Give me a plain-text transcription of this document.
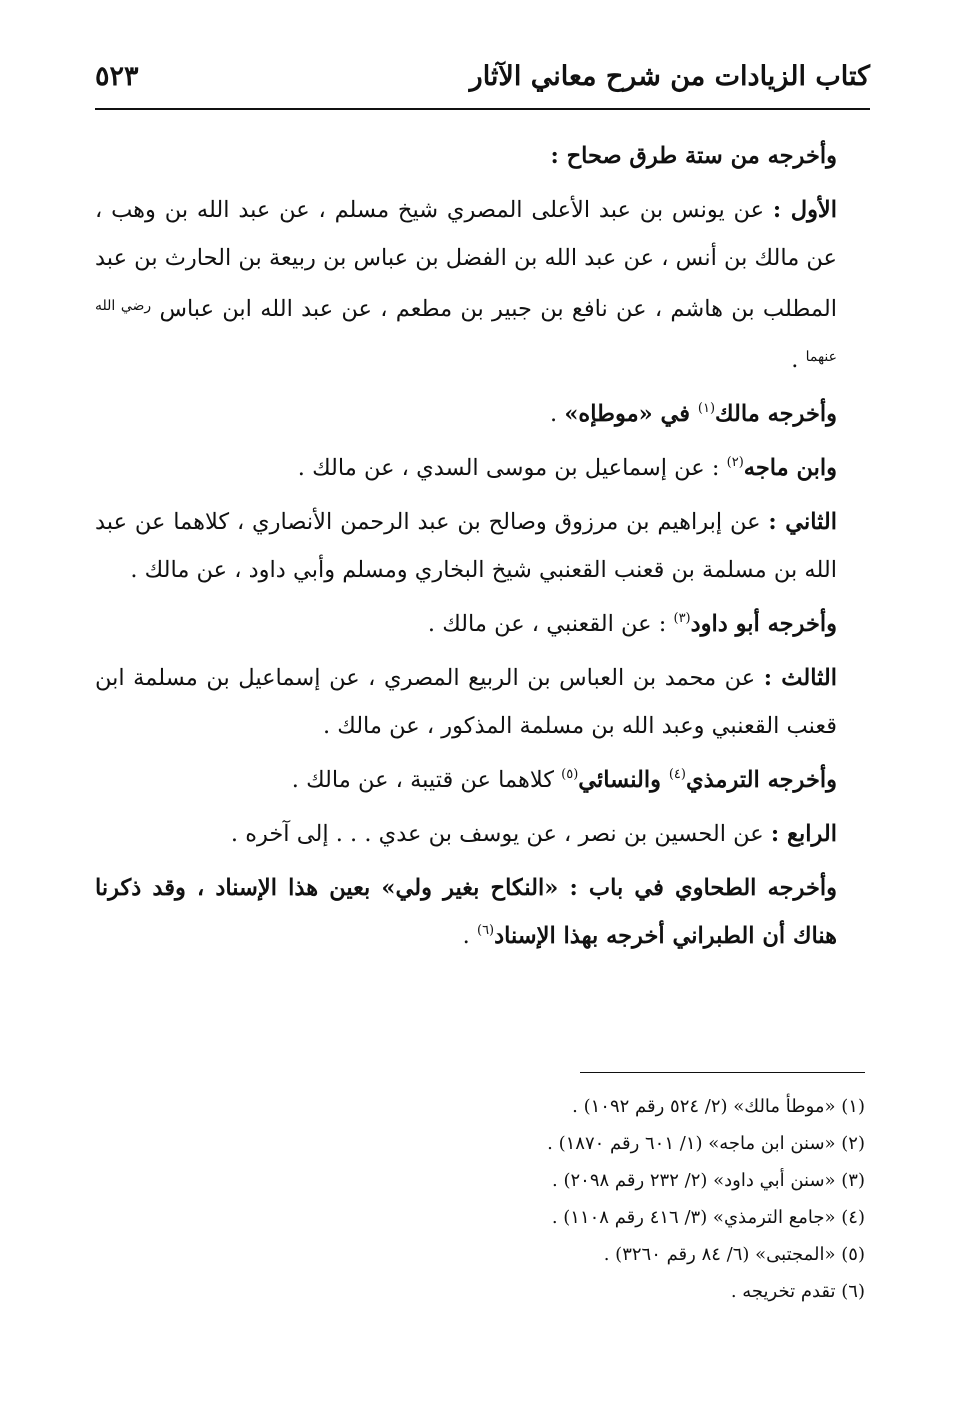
كتاب الزيادات من شرح معاني الآثار
٥٢٣

وأخرجه من ستة طرق صحاح :

الأول : عن يونس بن عبد الأعلى المصري شيخ مسلم ، عن عبد الله بن وهب ، عن مالك بن أنس ، عن عبد الله بن الفضل بن عباس بن ربيعة بن الحارث بن عبد المطلب بن هاشم ، عن نافع بن جبير بن مطعم ، عن عبد الله ابن عباس $^{رضي الله عنهما}$ .

وأخرجه مالك$^{(١)}$ في «موطإه» .

وابن ماجه$^{(٢)}$ : عن إسماعيل بن موسى السدي ، عن مالك .

الثاني : عن إبراهيم بن مرزوق وصالح بن عبد الرحمن الأنصاري ، كلاهما عن عبد الله بن مسلمة بن قعنب القعنبي شيخ البخاري ومسلم وأبي داود ، عن مالك .

وأخرجه أبو داود$^{(٣)}$ : عن القعنبي ، عن مالك .

الثالث : عن محمد بن العباس بن الربيع المصري ، عن إسماعيل بن مسلمة ابن قعنب القعنبي وعبد الله بن مسلمة المذكور ، عن مالك .

وأخرجه الترمذي$^{(٤)}$ والنسائي$^{(٥)}$ كلاهما عن قتيبة ، عن مالك .

الرابع : عن الحسين بن نصر ، عن يوسف بن عدي . . . إلى آخره .

وأخرجه الطحاوي في باب : «النكاح بغير ولي» بعين هذا الإسناد ، وقد ذكرنا هناك أن الطبراني أخرجه بهذا الإسناد$^{(٦)}$ .

(١) «موطأ مالك» (٢/ ٥٢٤ رقم ١٠٩٢) .
(٢) «سنن ابن ماجه» (١/ ٦٠١ رقم ١٨٧٠) .
(٣) «سنن أبي داود» (٢/ ٢٣٢ رقم ٢٠٩٨) .
(٤) «جامع الترمذي» (٣/ ٤١٦ رقم ١١٠٨) .
(٥) «المجتبى» (٦/ ٨٤ رقم ٣٢٦٠) .
(٦) تقدم تخريجه .
